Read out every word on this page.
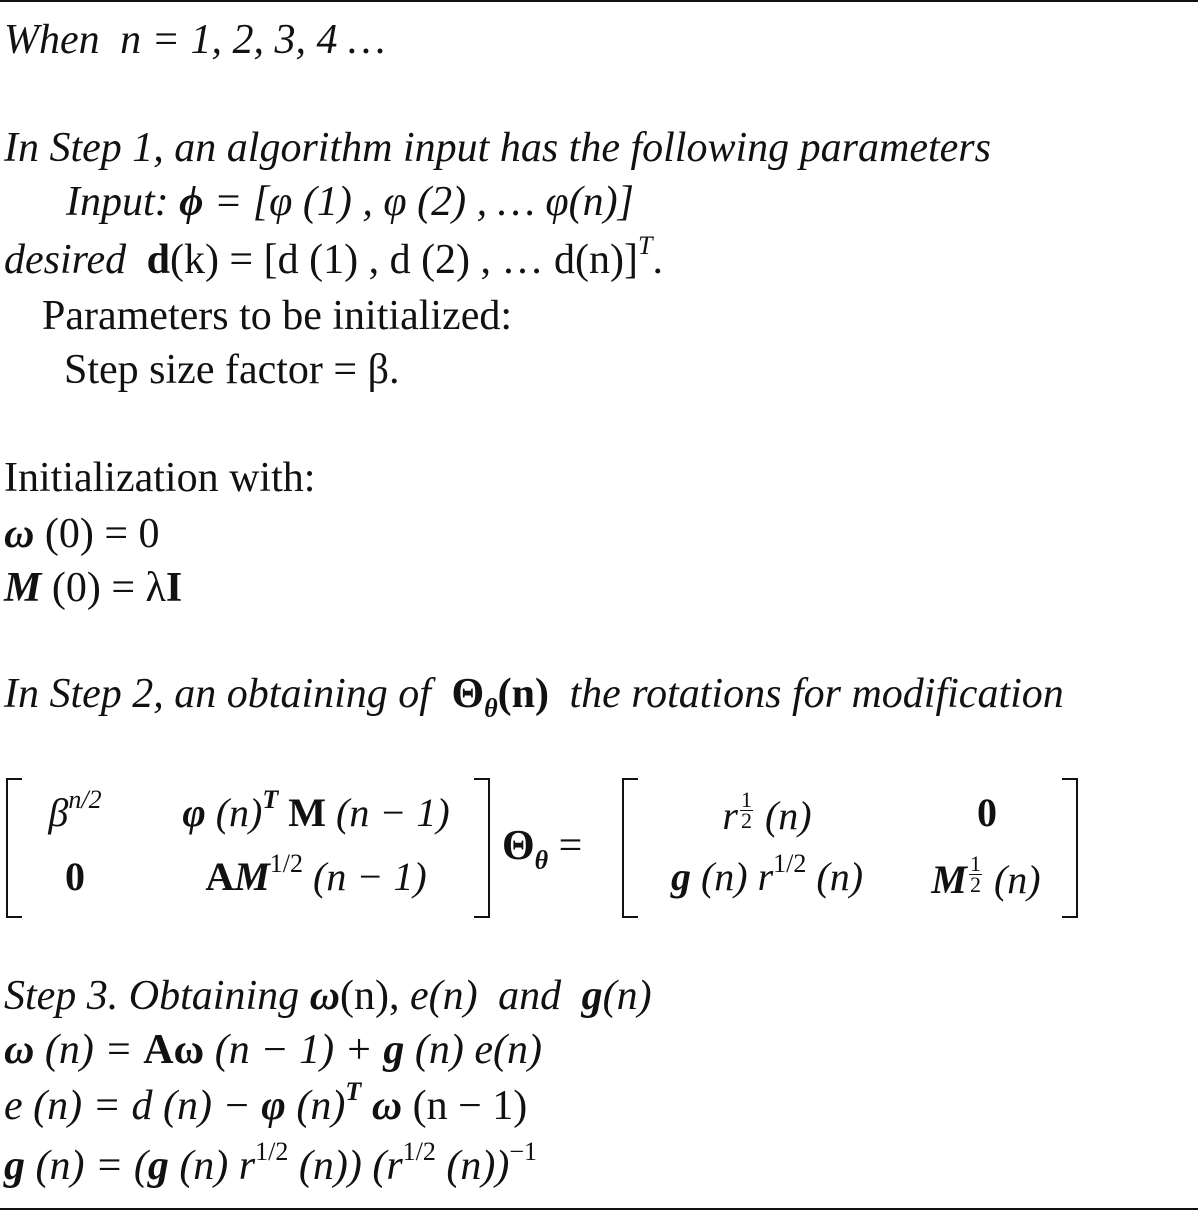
When n = 1, 2, 3, 4 …
In Step 1, an algorithm input has the following parameters
Input: ϕ = [φ (1) , φ (2) , … φ(n)]
desired d(k) = [d (1) , d (2) , … d(n)]$^T$.
Parameters to be initialized:
Step size factor = β.
Initialization with:
ω (0) = 0
M (0) = λI
In Step 2, an obtaining of $\Theta_\theta(n)$ the rotations for modification
$\beta^{n/2}$	φ $(n)^T$ M (n − 1)
0	$AM^{1/2}$ (n − 1)
$\Theta_\theta$ =
r $\frac{1}{2} (n)$	0
g (n) $r^{1/2}$ (n)	M $\frac{1}{2} (n)$
Step 3. Obtaining ω(n), e(n) and g(n)
ω (n) = Aω (n − 1) + g (n) e(n)
e (n) = d (n) − φ $(n)^T$ ω (n − 1)
g (n) = (g (n) $r^{1/2}$ (n)) ($r^{1/2}$ (n))$^{-1}$
